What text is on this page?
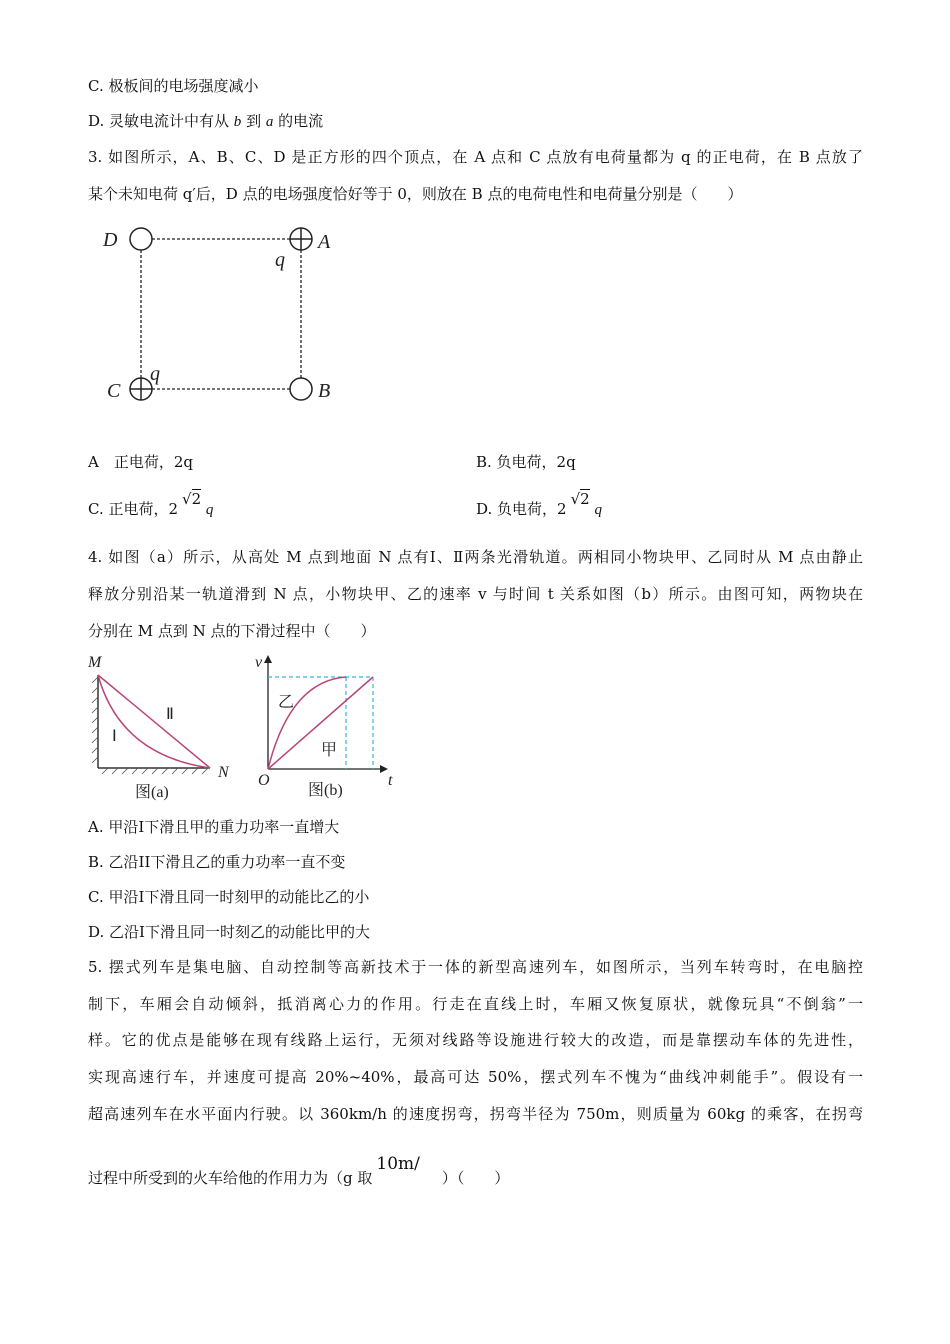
C. 极板间的电场强度减小
D. 灵敏电流计中有从 b 到 a 的电流
3. 如图所示，A、B、C、D 是正方形的四个顶点，在 A 点和 C 点放有电荷量都为 q 的正电荷，在 B 点放了
某个未知电荷 q′后，D 点的电场强度恰好等于 0，则放在 B 点的电荷电性和电荷量分别是（　　）
D	A
q
C
q
B
A　正电荷，2q	B. 负电荷，2q
C. 正电荷，2√2 q	D. 负电荷，2√2 q
4. 如图（a）所示，从高处 M 点到地面 N 点有Ⅰ、Ⅱ两条光滑轨道。两相同小物块甲、乙同时从 M 点由静止
释放分别沿某一轨道滑到 N 点，小物块甲、乙的速率 v 与时间 t 关系如图（b）所示。由图可知，两物块在
分别在 M 点到 N 点的下滑过程中（　　）
M
N
Ⅰ
Ⅱ
图(a)
v
O	t
乙
甲
图(b)
A. 甲沿I下滑且甲的重力功率一直增大
B. 乙沿II下滑且乙的重力功率一直不变
C. 甲沿I下滑且同一时刻甲的动能比乙的小
D. 乙沿I下滑且同一时刻乙的动能比甲的大
5. 摆式列车是集电脑、自动控制等高新技术于一体的新型高速列车，如图所示，当列车转弯时，在电脑控
制下，车厢会自动倾斜，抵消离心力的作用。行走在直线上时，车厢又恢复原状，就像玩具“不倒翁”一
样。它的优点是能够在现有线路上运行，无须对线路等设施进行较大的改造，而是靠摆动车体的先进性，
实现高速行车，并速度可提高 20%~40%，最高可达 50%，摆式列车不愧为“曲线冲刺能手”。假设有一
超高速列车在水平面内行驶。以 360km/h 的速度拐弯，拐弯半径为 750m，则质量为 60kg 的乘客，在拐弯
过程中所受到的火车给他的作用力为（g 取10m/）（　　）
